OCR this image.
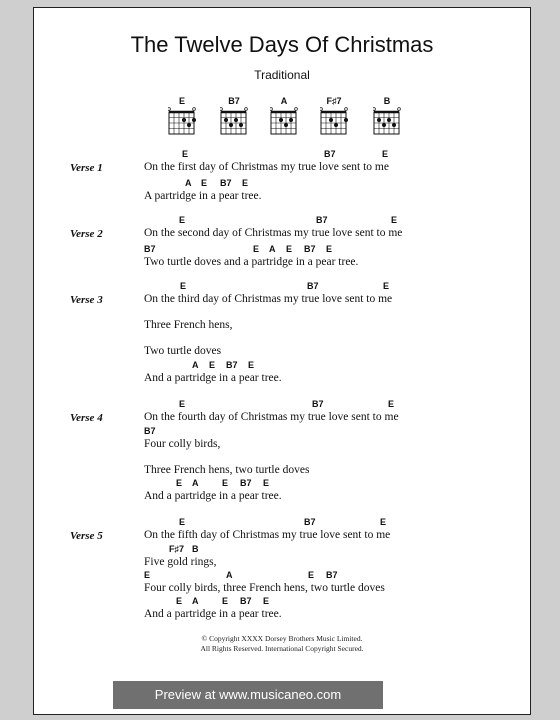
The Twelve Days Of Christmas
Traditional
E	B7	A	F♯7	B
Verse 1	On the first day of Christmas my true love sent to me
E	B7	E
A partridge in a pear tree.
A E B7 E
Verse 2	On the second day of Christmas my true love sent to me
E	B7	E
Two turtle doves and a partridge in a pear tree.
B7	E A E B7 E
Verse 3	On the third day of Christmas my true love sent to me
E	B7	E
Three French hens,
Two turtle doves
And a partridge in a pear tree.
A E B7 E
Verse 4	On the fourth day of Christmas my true love sent to me
E	B7	E
Four colly birds,
B7
Three French hens, two turtle doves
And a partridge in a pear tree.
E A	E B7 E
Verse 5	On the fifth day of Christmas my true love sent to me
E	B7	E
Five gold rings,
F♯7 B
Four colly birds, three French hens, two turtle doves
E	A	E B7
And a partridge in a pear tree.
E A	E B7 E
© Copyright XXXX Dorsey Brothers Music Limited.
All Rights Reserved. International Copyright Secured.
Preview at www.musicaneo.com
